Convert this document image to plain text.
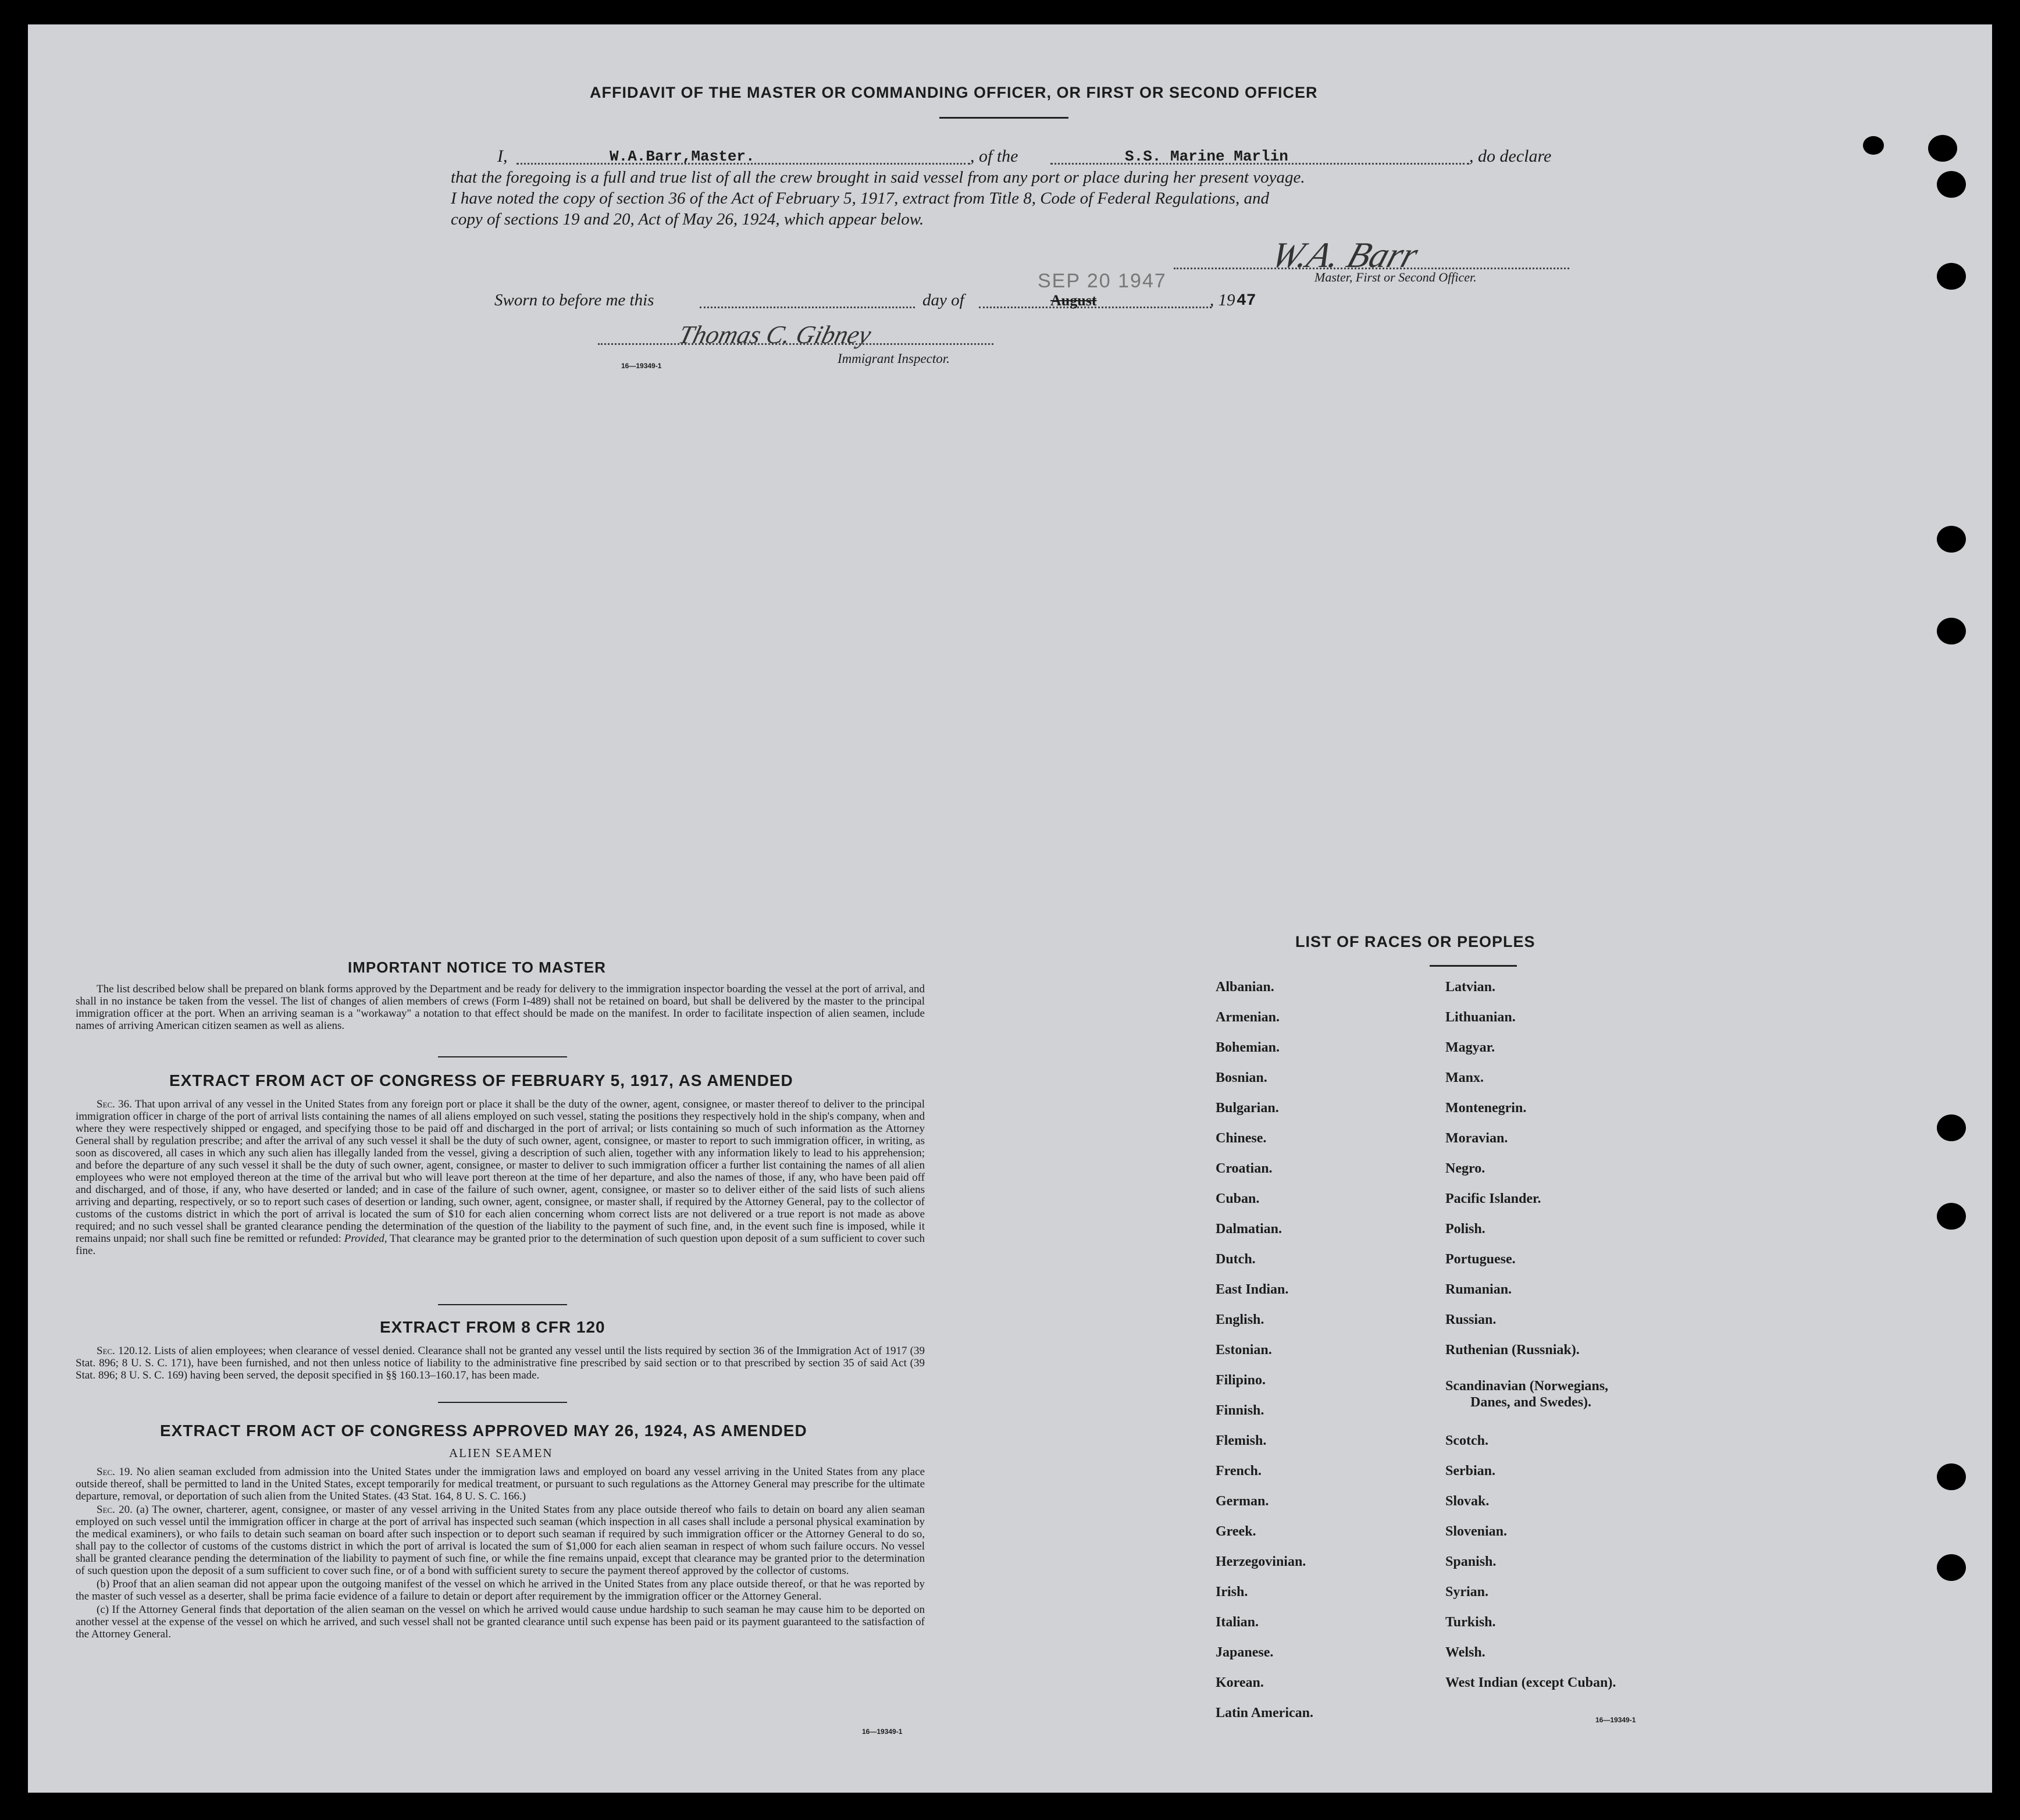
AFFIDAVIT OF THE MASTER OR COMMANDING OFFICER, OR FIRST OR SECOND OFFICER
I,	W.A.Barr,Master.	, of the	S.S. Marine Marlin	, do declare
that the foregoing is a full and true list of all the crew brought in said vessel from any port or place during her present voyage.
I have noted the copy of section 36 of the Act of February 5, 1917, extract from Title 8, Code of Federal Regulations, and
copy of sections 19 and 20, Act of May 26, 1924, which appear below.
W.A. Barr
Master, First or Second Officer.
SEP 20 1947
Sworn to before me this	day of	August	, 19 47
Thomas C. Gibney
16—19349-1	Immigrant Inspector.
IMPORTANT NOTICE TO MASTER

The list described below shall be prepared on blank forms approved by the Department and be ready for delivery to the immigration inspector boarding the vessel at the port of arrival, and shall in no instance be taken from the vessel. The list of changes of alien members of crews (Form I-489) shall not be retained on board, but shall be delivered by the master to the principal immigration officer at the port. When an arriving seaman is a "workaway" a notation to that effect should be made on the manifest. In order to facilitate inspection of alien seamen, include names of arriving American citizen seamen as well as aliens.

EXTRACT FROM ACT OF CONGRESS OF FEBRUARY 5, 1917, AS AMENDED

Sec. 36. That upon arrival of any vessel in the United States from any foreign port or place it shall be the duty of the owner, agent, consignee, or master thereof to deliver to the principal immigration officer in charge of the port of arrival lists containing the names of all aliens employed on such vessel, stating the positions they respectively hold in the ship's company, when and where they were respectively shipped or engaged, and specifying those to be paid off and discharged in the port of arrival; or lists containing so much of such information as the Attorney General shall by regulation prescribe; and after the arrival of any such vessel it shall be the duty of such owner, agent, consignee, or master to report to such immigration officer, in writing, as soon as discovered, all cases in which any such alien has illegally landed from the vessel, giving a description of such alien, together with any information likely to lead to his apprehension; and before the departure of any such vessel it shall be the duty of such owner, agent, consignee, or master to deliver to such immigration officer a further list containing the names of all alien employees who were not employed thereon at the time of the arrival but who will leave port thereon at the time of her departure, and also the names of those, if any, who have been paid off and discharged, and of those, if any, who have deserted or landed; and in case of the failure of such owner, agent, consignee, or master so to deliver either of the said lists of such aliens arriving and departing, respectively, or so to report such cases of desertion or landing, such owner, agent, consignee, or master shall, if required by the Attorney General, pay to the collector of customs of the customs district in which the port of arrival is located the sum of $10 for each alien concerning whom correct lists are not delivered or a true report is not made as above required; and no such vessel shall be granted clearance pending the determination of the question of the liability to the payment of such fine, and, in the event such fine is imposed, while it remains unpaid; nor shall such fine be remitted or refunded: Provided, That clearance may be granted prior to the determination of such question upon deposit of a sum sufficient to cover such fine.

EXTRACT FROM 8 CFR 120

Sec. 120.12. Lists of alien employees; when clearance of vessel denied. Clearance shall not be granted any vessel until the lists required by section 36 of the Immigration Act of 1917 (39 Stat. 896; 8 U. S. C. 171), have been furnished, and not then unless notice of liability to the administrative fine prescribed by said section or to that prescribed by section 35 of said Act (39 Stat. 896; 8 U. S. C. 169) having been served, the deposit specified in §§ 160.13–160.17, has been made.

EXTRACT FROM ACT OF CONGRESS APPROVED MAY 26, 1924, AS AMENDED
ALIEN SEAMEN

Sec. 19. No alien seaman excluded from admission into the United States under the immigration laws and employed on board any vessel arriving in the United States from any place outside thereof, shall be permitted to land in the United States, except temporarily for medical treatment, or pursuant to such regulations as the Attorney General may prescribe for the ultimate departure, removal, or deportation of such alien from the United States. (43 Stat. 164, 8 U. S. C. 166.)

Sec. 20. (a) The owner, charterer, agent, consignee, or master of any vessel arriving in the United States from any place outside thereof who fails to detain on board any alien seaman employed on such vessel until the immigration officer in charge at the port of arrival has inspected such seaman (which inspection in all cases shall include a personal physical examination by the medical examiners), or who fails to detain such seaman on board after such inspection or to deport such seaman if required by such immigration officer or the Attorney General to do so, shall pay to the collector of customs of the customs district in which the port of arrival is located the sum of $1,000 for each alien seaman in respect of whom such failure occurs. No vessel shall be granted clearance pending the determination of the liability to payment of such fine, or while the fine remains unpaid, except that clearance may be granted prior to the determination of such question upon the deposit of a sum sufficient to cover such fine, or of a bond with sufficient surety to secure the payment thereof approved by the collector of customs.

(b) Proof that an alien seaman did not appear upon the outgoing manifest of the vessel on which he arrived in the United States from any place outside thereof, or that he was reported by the master of such vessel as a deserter, shall be prima facie evidence of a failure to detain or deport after requirement by the immigration officer or the Attorney General.

(c) If the Attorney General finds that deportation of the alien seaman on the vessel on which he arrived would cause undue hardship to such seaman he may cause him to be deported on another vessel at the expense of the vessel on which he arrived, and such vessel shall not be granted clearance until such expense has been paid or its payment guaranteed to the satisfaction of the Attorney General.

16—19349-1
LIST OF RACES OR PEOPLES
Albanian.
Armenian.
Bohemian.
Bosnian.
Bulgarian.
Chinese.
Croatian.
Cuban.
Dalmatian.
Dutch.
East Indian.
English.
Estonian.
Filipino.
Finnish.
Flemish.
French.
German.
Greek.
Herzegovinian.
Irish.
Italian.
Japanese.
Korean.
Latin American.
Latvian.
Lithuanian.
Magyar.
Manx.
Montenegrin.
Moravian.
Negro.
Pacific Islander.
Polish.
Portuguese.
Rumanian.
Russian.
Ruthenian (Russniak).
Scandinavian (Norwegians,
Danes, and Swedes).
Scotch.
Serbian.
Slovak.
Slovenian.
Spanish.
Syrian.
Turkish.
Welsh.
West Indian (except Cuban).
16—19349-1
